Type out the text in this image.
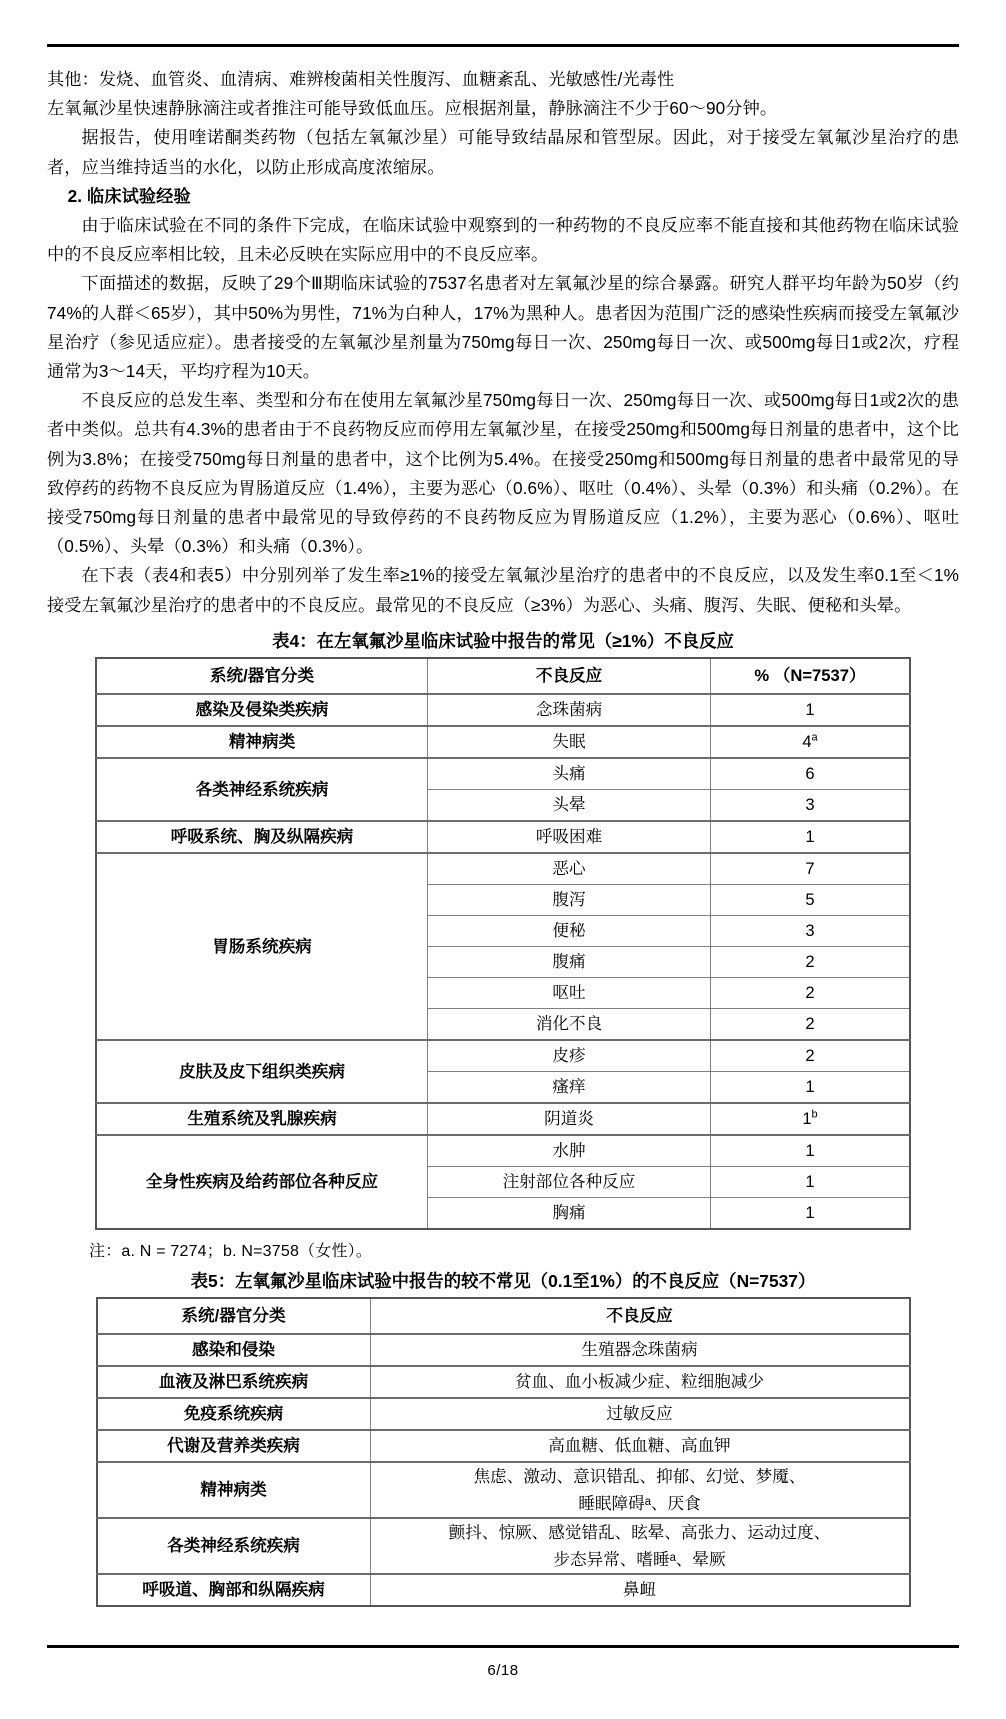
其他：发烧、血管炎、血清病、难辨梭菌相关性腹泻、血糖紊乱、光敏感性/光毒性

左氧氟沙星快速静脉滴注或者推注可能导致低血压。应根据剂量，静脉滴注不少于60～90分钟。

据报告，使用喹诺酮类药物（包括左氧氟沙星）可能导致结晶尿和管型尿。因此，对于接受左氧氟沙星治疗的患者，应当维持适当的水化，以防止形成高度浓缩尿。

2. 临床试验经验

由于临床试验在不同的条件下完成，在临床试验中观察到的一种药物的不良反应率不能直接和其他药物在临床试验中的不良反应率相比较，且未必反映在实际应用中的不良反应率。

下面描述的数据，反映了29个Ⅲ期临床试验的7537名患者对左氧氟沙星的综合暴露。研究人群平均年龄为50岁（约74%的人群＜65岁），其中50%为男性，71%为白种人，17%为黑种人。患者因为范围广泛的感染性疾病而接受左氧氟沙星治疗（参见适应症）。患者接受的左氧氟沙星剂量为750mg每日一次、250mg每日一次、或500mg每日1或2次，疗程通常为3～14天，平均疗程为10天。

不良反应的总发生率、类型和分布在使用左氧氟沙星750mg每日一次、250mg每日一次、或500mg每日1或2次的患者中类似。总共有4.3%的患者由于不良药物反应而停用左氧氟沙星，在接受250mg和500mg每日剂量的患者中，这个比例为3.8%；在接受750mg每日剂量的患者中，这个比例为5.4%。在接受250mg和500mg每日剂量的患者中最常见的导致停药的药物不良反应为胃肠道反应（1.4%），主要为恶心（0.6%）、呕吐（0.4%）、头晕（0.3%）和头痛（0.2%）。在接受750mg每日剂量的患者中最常见的导致停药的不良药物反应为胃肠道反应（1.2%），主要为恶心（0.6%）、呕吐（0.5%）、头晕（0.3%）和头痛（0.3%）。

在下表（表4和表5）中分别列举了发生率≥1%的接受左氧氟沙星治疗的患者中的不良反应，以及发生率0.1至＜1% 接受左氧氟沙星治疗的患者中的不良反应。最常见的不良反应（≥3%）为恶心、头痛、腹泻、失眠、便秘和头晕。

表4：在左氧氟沙星临床试验中报告的常见（≥1%）不良反应
系统/器官分类	不良反应	% （N=7537）
感染及侵染类疾病	念珠菌病	1
精神病类	失眠	4$^a$
各类神经系统疾病	头痛	6
	头晕	3
呼吸系统、胸及纵隔疾病	呼吸困难	1
胃肠系统疾病	恶心	7
	腹泻	5
	便秘	3
	腹痛	2
	呕吐	2
	消化不良	2
皮肤及皮下组织类疾病	皮疹	2
	瘙痒	1
生殖系统及乳腺疾病	阴道炎	1$^b$
全身性疾病及给药部位各种反应	水肿	1
	注射部位各种反应	1
	胸痛	1
注：a. N = 7274；b. N=3758（女性）。
表5：左氧氟沙星临床试验中报告的较不常见（0.1至1%）的不良反应（N=7537）
系统/器官分类	不良反应
感染和侵染	生殖器念珠菌病
血液及淋巴系统疾病	贫血、血小板减少症、粒细胞减少
免疫系统疾病	过敏反应
代谢及营养类疾病	高血糖、低血糖、高血钾
精神病类	焦虑、激动、意识错乱、抑郁、幻觉、梦魇、
睡眠障碍ᵃ、厌食

各类神经系统疾病	颤抖、惊厥、感觉错乱、眩晕、高张力、运动过度、
步态异常、嗜睡ᵃ、晕厥

呼吸道、胸部和纵隔疾病	鼻衄
6/18
